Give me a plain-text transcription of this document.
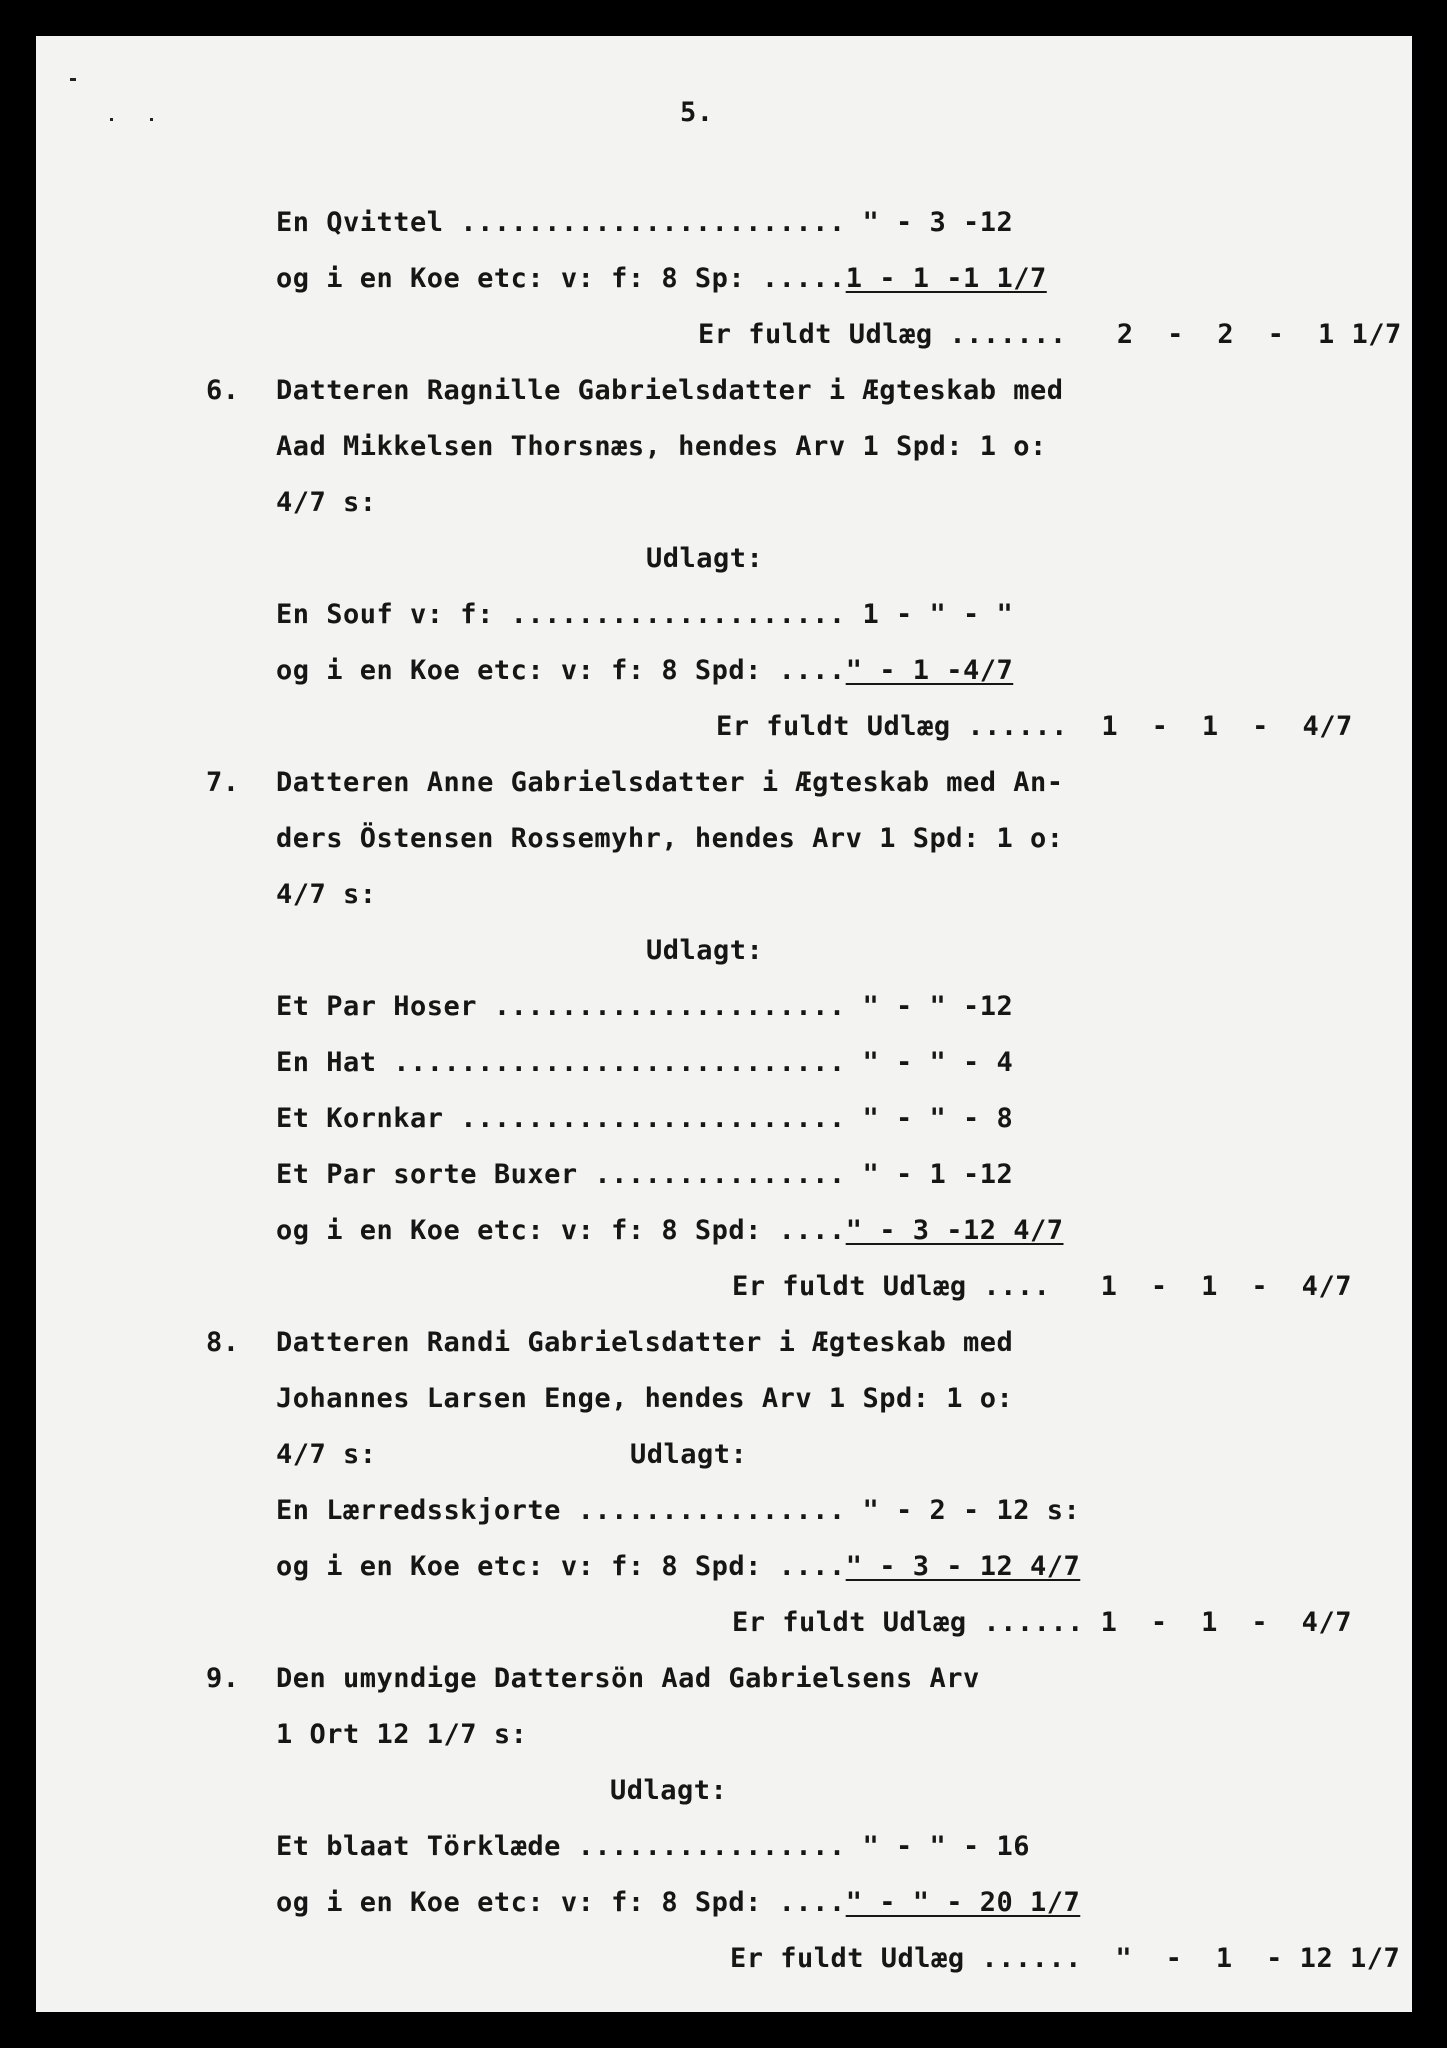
5.
En Qvittel ....................... " - 3 -12
og i en Koe etc: v: f: 8 Sp: .....1 - 1 -1 1/7
Er fuldt Udlæg .......   2  -  2  -  1 1/7
6. Datteren Ragnille Gabrielsdatter i Ægteskab med
Aad Mikkelsen Thorsnæs, hendes Arv 1 Spd: 1 o:
4/7 s:
Udlagt:
En Souf v: f: .................... 1 - " - "
og i en Koe etc: v: f: 8 Spd: ...." - 1 -4/7
Er fuldt Udlæg ......  1  -  1  -  4/7
7. Datteren Anne Gabrielsdatter i Ægteskab med An-
ders Östensen Rossemyhr, hendes Arv 1 Spd: 1 o:
4/7 s:
Udlagt:
Et Par Hoser ..................... " - " -12
En Hat ........................... " - " - 4
Et Kornkar ....................... " - " - 8
Et Par sorte Buxer ............... " - 1 -12
og i en Koe etc: v: f: 8 Spd: ...." - 3 -12 4/7
Er fuldt Udlæg ....   1  -  1  -  4/7
8. Datteren Randi Gabrielsdatter i Ægteskab med
Johannes Larsen Enge, hendes Arv 1 Spd: 1 o:
4/7 s:	Udlagt:
En Lærredsskjorte ................ " - 2 - 12 s:
og i en Koe etc: v: f: 8 Spd: ...." - 3 - 12 4/7
Er fuldt Udlæg ...... 1  -  1  -  4/7
9. Den umyndige Dattersön Aad Gabrielsens Arv
1 Ort 12 1/7 s:
Udlagt:
Et blaat Törklæde ................ " - " - 16
og i en Koe etc: v: f: 8 Spd: ...." - " - 20 1/7
Er fuldt Udlæg ......  "  -  1  - 12 1/7
